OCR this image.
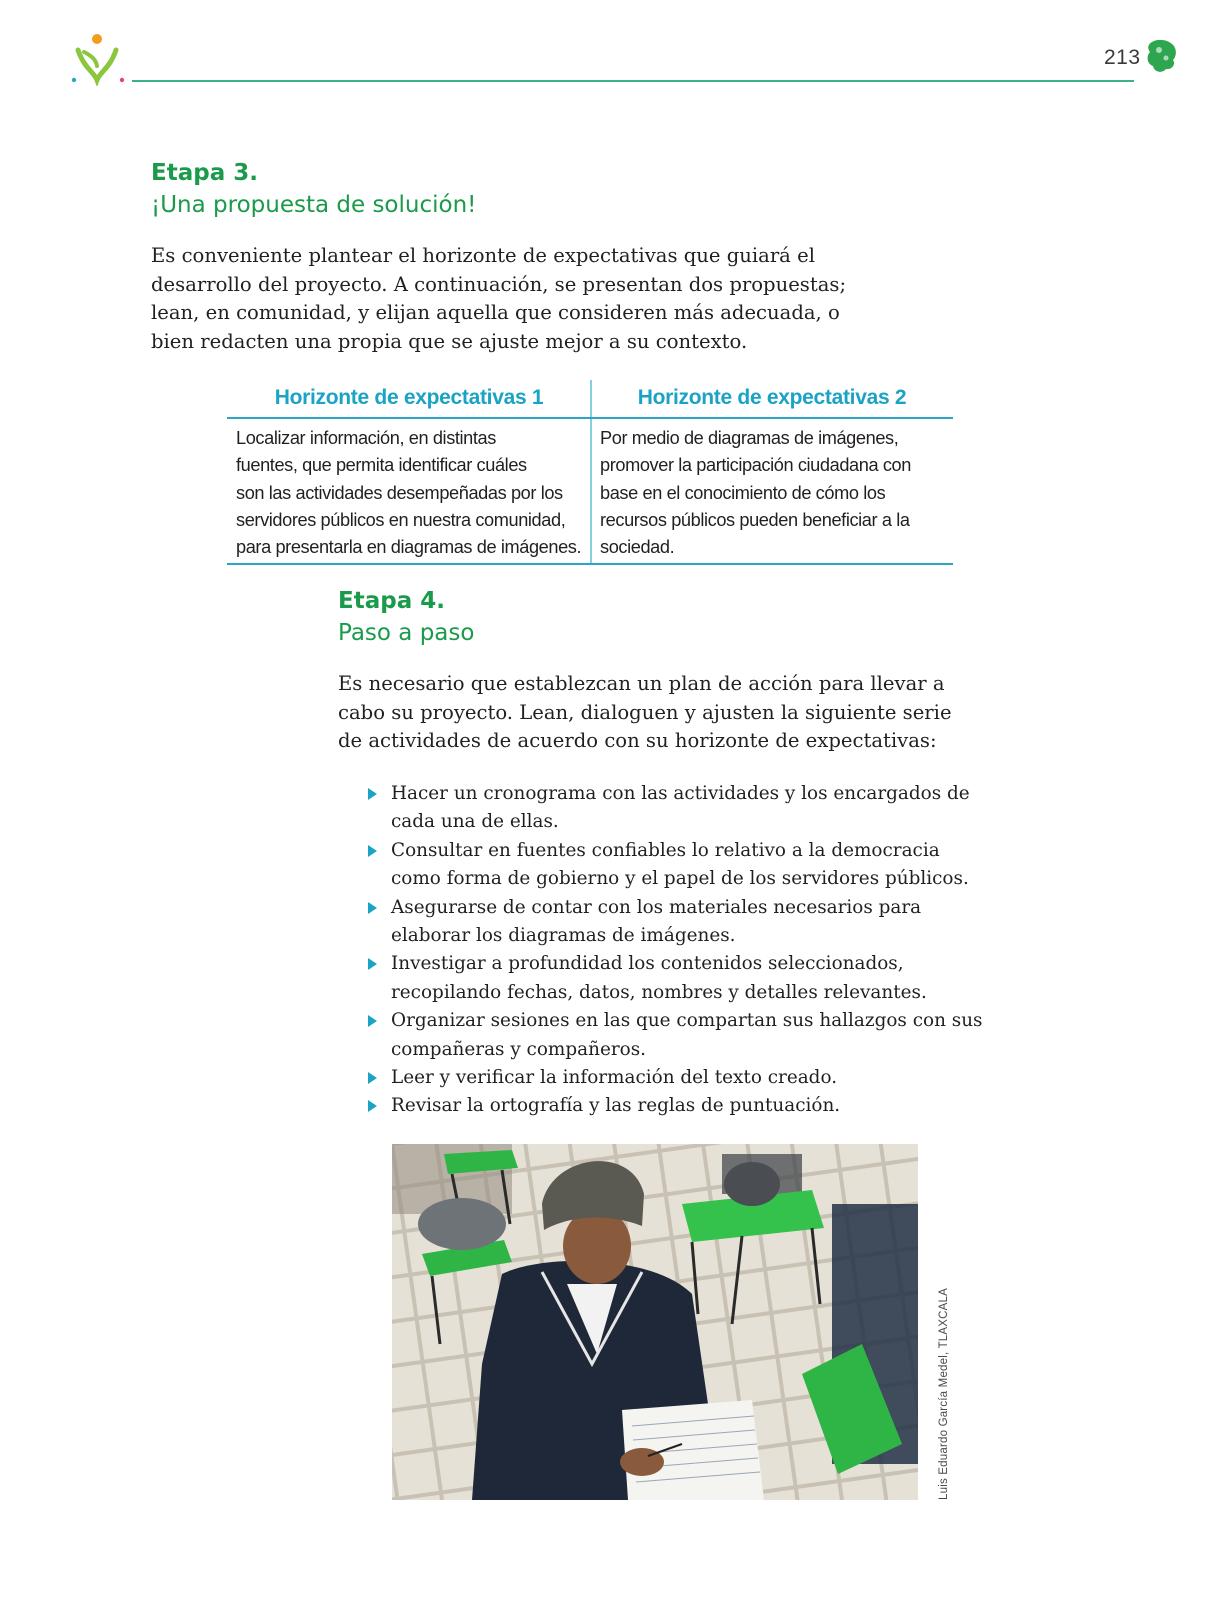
213
Etapa 3.
¡Una propuesta de solución!
Es conveniente plantear el horizonte de expectativas que guiará el
desarrollo del proyecto. A continuación, se presentan dos propuestas;
lean, en comunidad, y elijan aquella que consideren más adecuada, o
bien redacten una propia que se ajuste mejor a su contexto.
Horizonte de expectativas 1
Localizar información, en distintas
fuentes, que permita identificar cuáles
son las actividades desempeñadas por los
servidores públicos en nuestra comunidad,
para presentarla en diagramas de imágenes.
Horizonte de expectativas 2
Por medio de diagramas de imágenes,
promover la participación ciudadana con
base en el conocimiento de cómo los
recursos públicos pueden beneficiar a la
sociedad.
Etapa 4.
Paso a paso
Es necesario que establezcan un plan de acción para llevar a
cabo su proyecto. Lean, dialoguen y ajusten la siguiente serie
de actividades de acuerdo con su horizonte de expectativas:
Hacer un cronograma con las actividades y los encargados de
cada una de ellas.
Consultar en fuentes confiables lo relativo a la democracia
como forma de gobierno y el papel de los servidores públicos.
Asegurarse de contar con los materiales necesarios para
elaborar los diagramas de imágenes.
Investigar a profundidad los contenidos seleccionados,
recopilando fechas, datos, nombres y detalles relevantes.
Organizar sesiones en las que compartan sus hallazgos con sus
compañeras y compañeros.
Leer y verificar la información del texto creado.
Revisar la ortografía y las reglas de puntuación.
Luis Eduardo García Medel, TLAXCALA
